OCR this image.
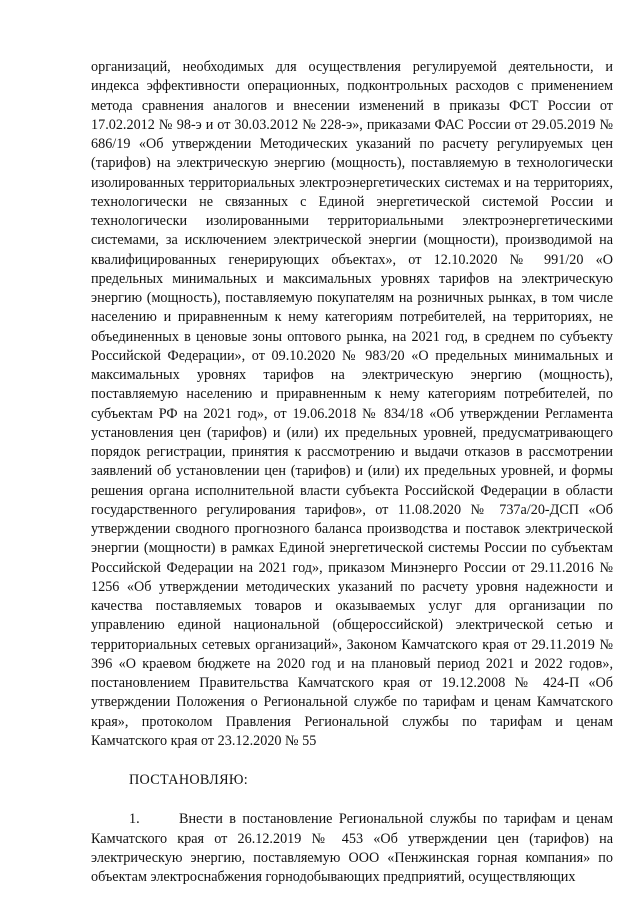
организаций, необходимых для осуществления регулируемой деятельности, и индекса эффективности операционных, подконтрольных расходов с применением метода сравнения аналогов и внесении изменений в приказы ФСТ России от 17.02.2012 № 98-э и от 30.03.2012 № 228-э», приказами ФАС России от 29.05.2019 № 686/19 «Об утверждении Методических указаний по расчету регулируемых цен (тарифов) на электрическую энергию (мощность), поставляемую в технологически изолированных территориальных электроэнергетических системах и на территориях, технологически не связанных с Единой энергетической системой России и технологически изолированными территориальными электроэнергетическими системами, за исключением электрической энергии (мощности), производимой на квалифицированных генерирующих объектах», от 12.10.2020 № 991/20 «О предельных минимальных и максимальных уровнях тарифов на электрическую энергию (мощность), поставляемую покупателям на розничных рынках, в том числе населению и приравненным к нему категориям потребителей, на территориях, не объединенных в ценовые зоны оптового рынка, на 2021 год, в среднем по субъекту Российской Федерации», от 09.10.2020 № 983/20 «О предельных минимальных и максимальных уровнях тарифов на электрическую энергию (мощность), поставляемую населению и приравненным к нему категориям потребителей, по субъектам РФ на 2021 год», от 19.06.2018 № 834/18 «Об утверждении Регламента установления цен (тарифов) и (или) их предельных уровней, предусматривающего порядок регистрации, принятия к рассмотрению и выдачи отказов в рассмотрении заявлений об установлении цен (тарифов) и (или) их предельных уровней, и формы решения органа исполнительной власти субъекта Российской Федерации в области государственного регулирования тарифов», от 11.08.2020 № 737а/20-ДСП «Об утверждении сводного прогнозного баланса производства и поставок электрической энергии (мощности) в рамках Единой энергетической системы России по субъектам Российской Федерации на 2021 год», приказом Минэнерго России от 29.11.2016 № 1256 «Об утверждении методических указаний по расчету уровня надежности и качества поставляемых товаров и оказываемых услуг для организации по управлению единой национальной (общероссийской) электрической сетью и территориальных сетевых организаций», Законом Камчатского края от 29.11.2019 № 396 «О краевом бюджете на 2020 год и на плановый период 2021 и 2022 годов», постановлением Правительства Камчатского края от 19.12.2008 № 424-П «Об утверждении Положения о Региональной службе по тарифам и ценам Камчатского края», протоколом Правления Региональной службы по тарифам и ценам Камчатского края от 23.12.2020 № 55

ПОСТАНОВЛЯЮ:

1.	Внести в постановление Региональной службы по тарифам и ценам Камчатского края от 26.12.2019 № 453 «Об утверждении цен (тарифов) на электрическую энергию, поставляемую ООО «Пенжинская горная компания» по объектам электроснабжения горнодобывающих предприятий, осуществляющих
